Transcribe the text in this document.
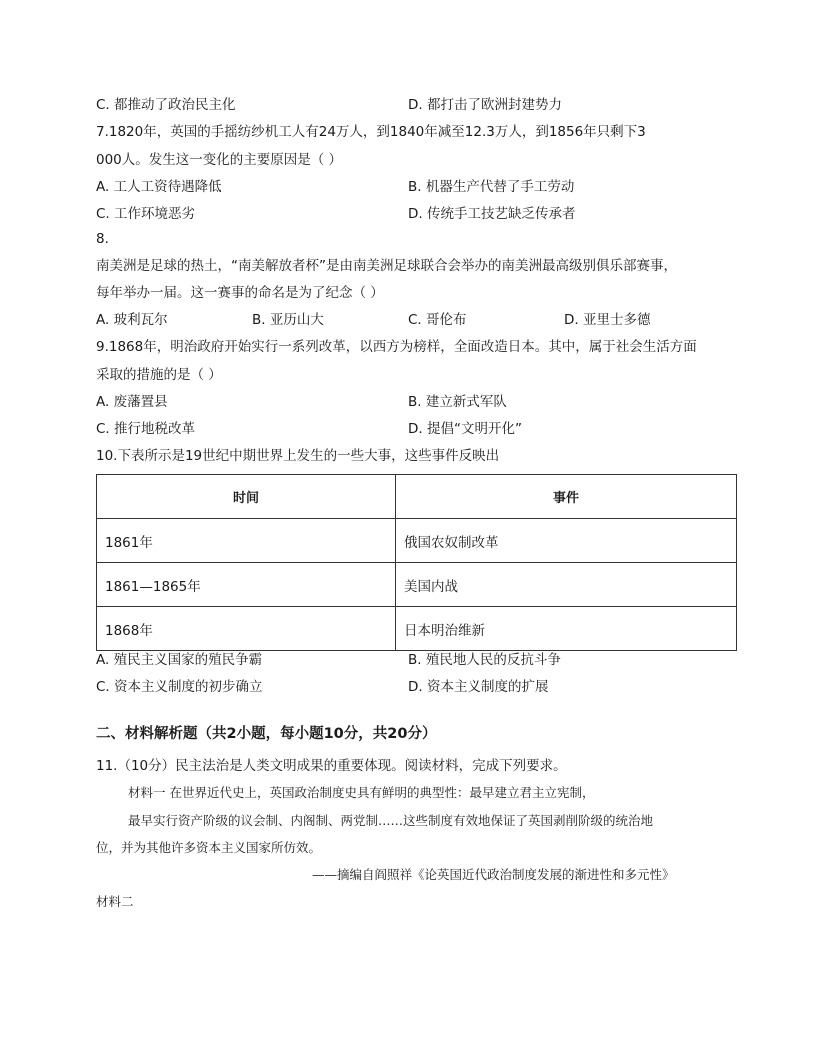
C. 都推动了政治民主化	D. 都打击了欧洲封建势力
7.1820年，英国的手摇纺纱机工人有24万人，到1840年减至12.3万人，到1856年只剩下3
000人。发生这一变化的主要原因是（ ）
A. 工人工资待遇降低	B. 机器生产代替了手工劳动
C. 工作环境恶劣	D. 传统手工技艺缺乏传承者
8.
南美洲是足球的热土，“南美解放者杯”是由南美洲足球联合会举办的南美洲最高级别俱乐部赛事，
每年举办一届。这一赛事的命名是为了纪念（ ）
A. 玻利瓦尔	B. 亚历山大	C. 哥伦布	D. 亚里士多德
9.1868年，明治政府开始实行一系列改革，以西方为榜样，全面改造日本。其中，属于社会生活方面
采取的措施的是（ ）
A. 废藩置县	B. 建立新式军队
C. 推行地税改革	D. 提倡“文明开化”
10.下表所示是19世纪中期世界上发生的一些大事，这些事件反映出
时间	事件
1861年	俄国农奴制改革
1861—1865年	美国内战
1868年	日本明治维新
A. 殖民主义国家的殖民争霸	B. 殖民地人民的反抗斗争
C. 资本主义制度的初步确立	D. 资本主义制度的扩展
二、材料解析题（共2小题，每小题10分，共20分）
11.（10分）民主法治是人类文明成果的重要体现。阅读材料，完成下列要求。
材料一 在世界近代史上，英国政治制度史具有鲜明的典型性：最早建立君主立宪制，
最早实行资产阶级的议会制、内阁制、两党制……这些制度有效地保证了英国剥削阶级的统治地
位，并为其他许多资本主义国家所仿效。
——摘编自阎照祥《论英国近代政治制度发展的渐进性和多元性》
材料二
